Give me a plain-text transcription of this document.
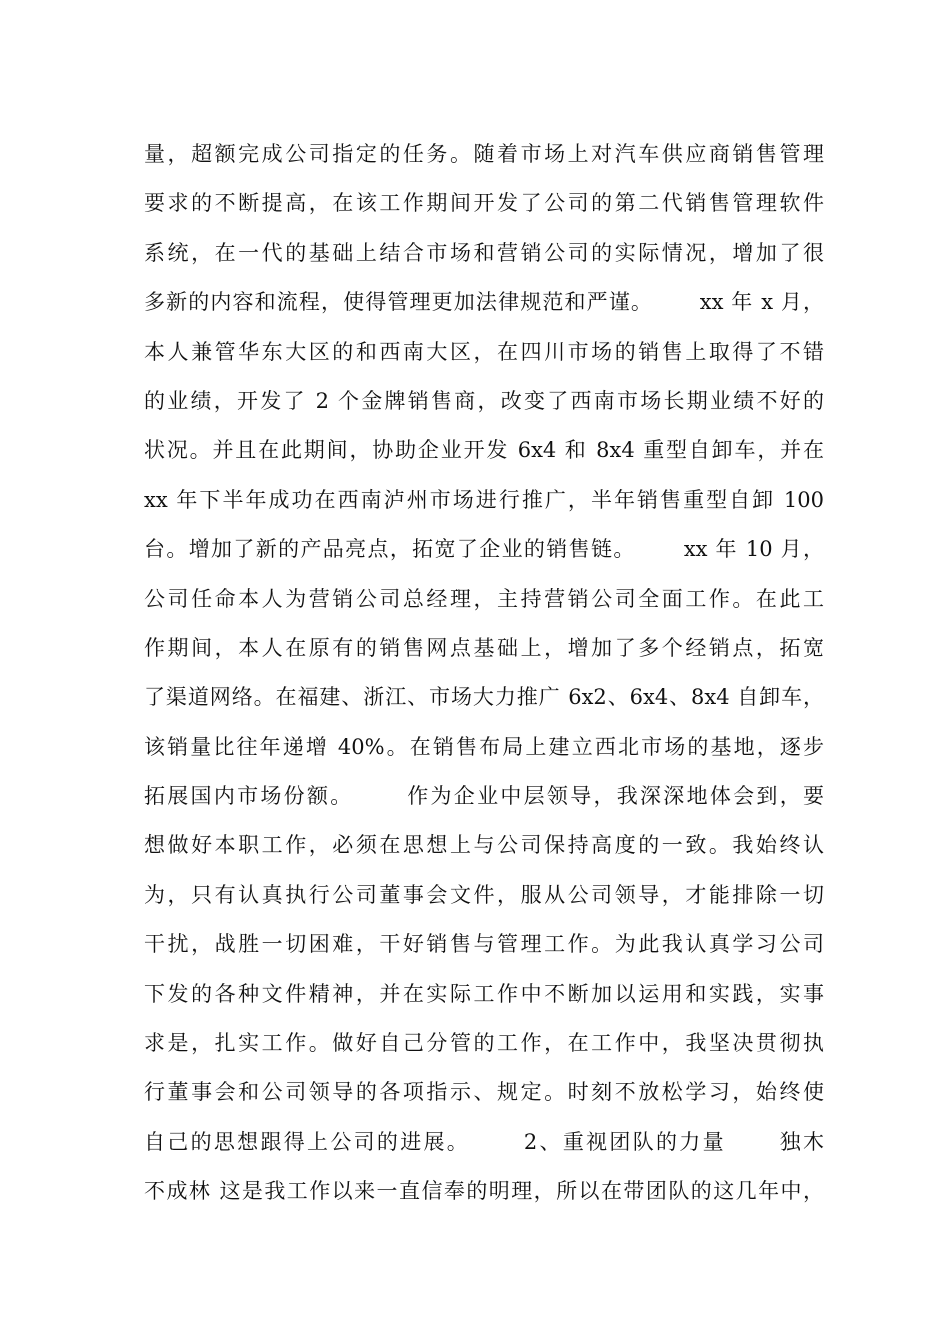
量，超额完成公司指定的任务。随着市场上对汽车供应商销售管理
要求的不断提高，在该工作期间开发了公司的第二代销售管理软件
系统，在一代的基础上结合市场和营销公司的实际情况，增加了很
多新的内容和流程，使得管理更加法律规范和严谨。      xx 年 x 月，
本人兼管华东大区的和西南大区，在四川市场的销售上取得了不错
的业绩，开发了 2 个金牌销售商，改变了西南市场长期业绩不好的
状况。并且在此期间，协助企业开发 6x4 和 8x4 重型自卸车，并在
xx 年下半年成功在西南泸州市场进行推广，半年销售重型自卸 100
台。增加了新的产品亮点，拓宽了企业的销售链。      xx 年 10 月，
公司任命本人为营销公司总经理，主持营销公司全面工作。在此工
作期间，本人在原有的销售网点基础上，增加了多个经销点，拓宽
了渠道网络。在福建、浙江、市场大力推广 6x2、6x4、8x4 自卸车，
该销量比往年递增 40%。在销售布局上建立西北市场的基地，逐步
拓展国内市场份额。      作为企业中层领导，我深深地体会到，要
想做好本职工作，必须在思想上与公司保持高度的一致。我始终认
为，只有认真执行公司董事会文件，服从公司领导，才能排除一切
干扰，战胜一切困难，干好销售与管理工作。为此我认真学习公司
下发的各种文件精神，并在实际工作中不断加以运用和实践，实事
求是，扎实工作。做好自己分管的工作，在工作中，我坚决贯彻执
行董事会和公司领导的各项指示、规定。时刻不放松学习，始终使
自己的思想跟得上公司的进展。      2、重视团队的力量      独木
不成林 这是我工作以来一直信奉的明理，所以在带团队的这几年中，
